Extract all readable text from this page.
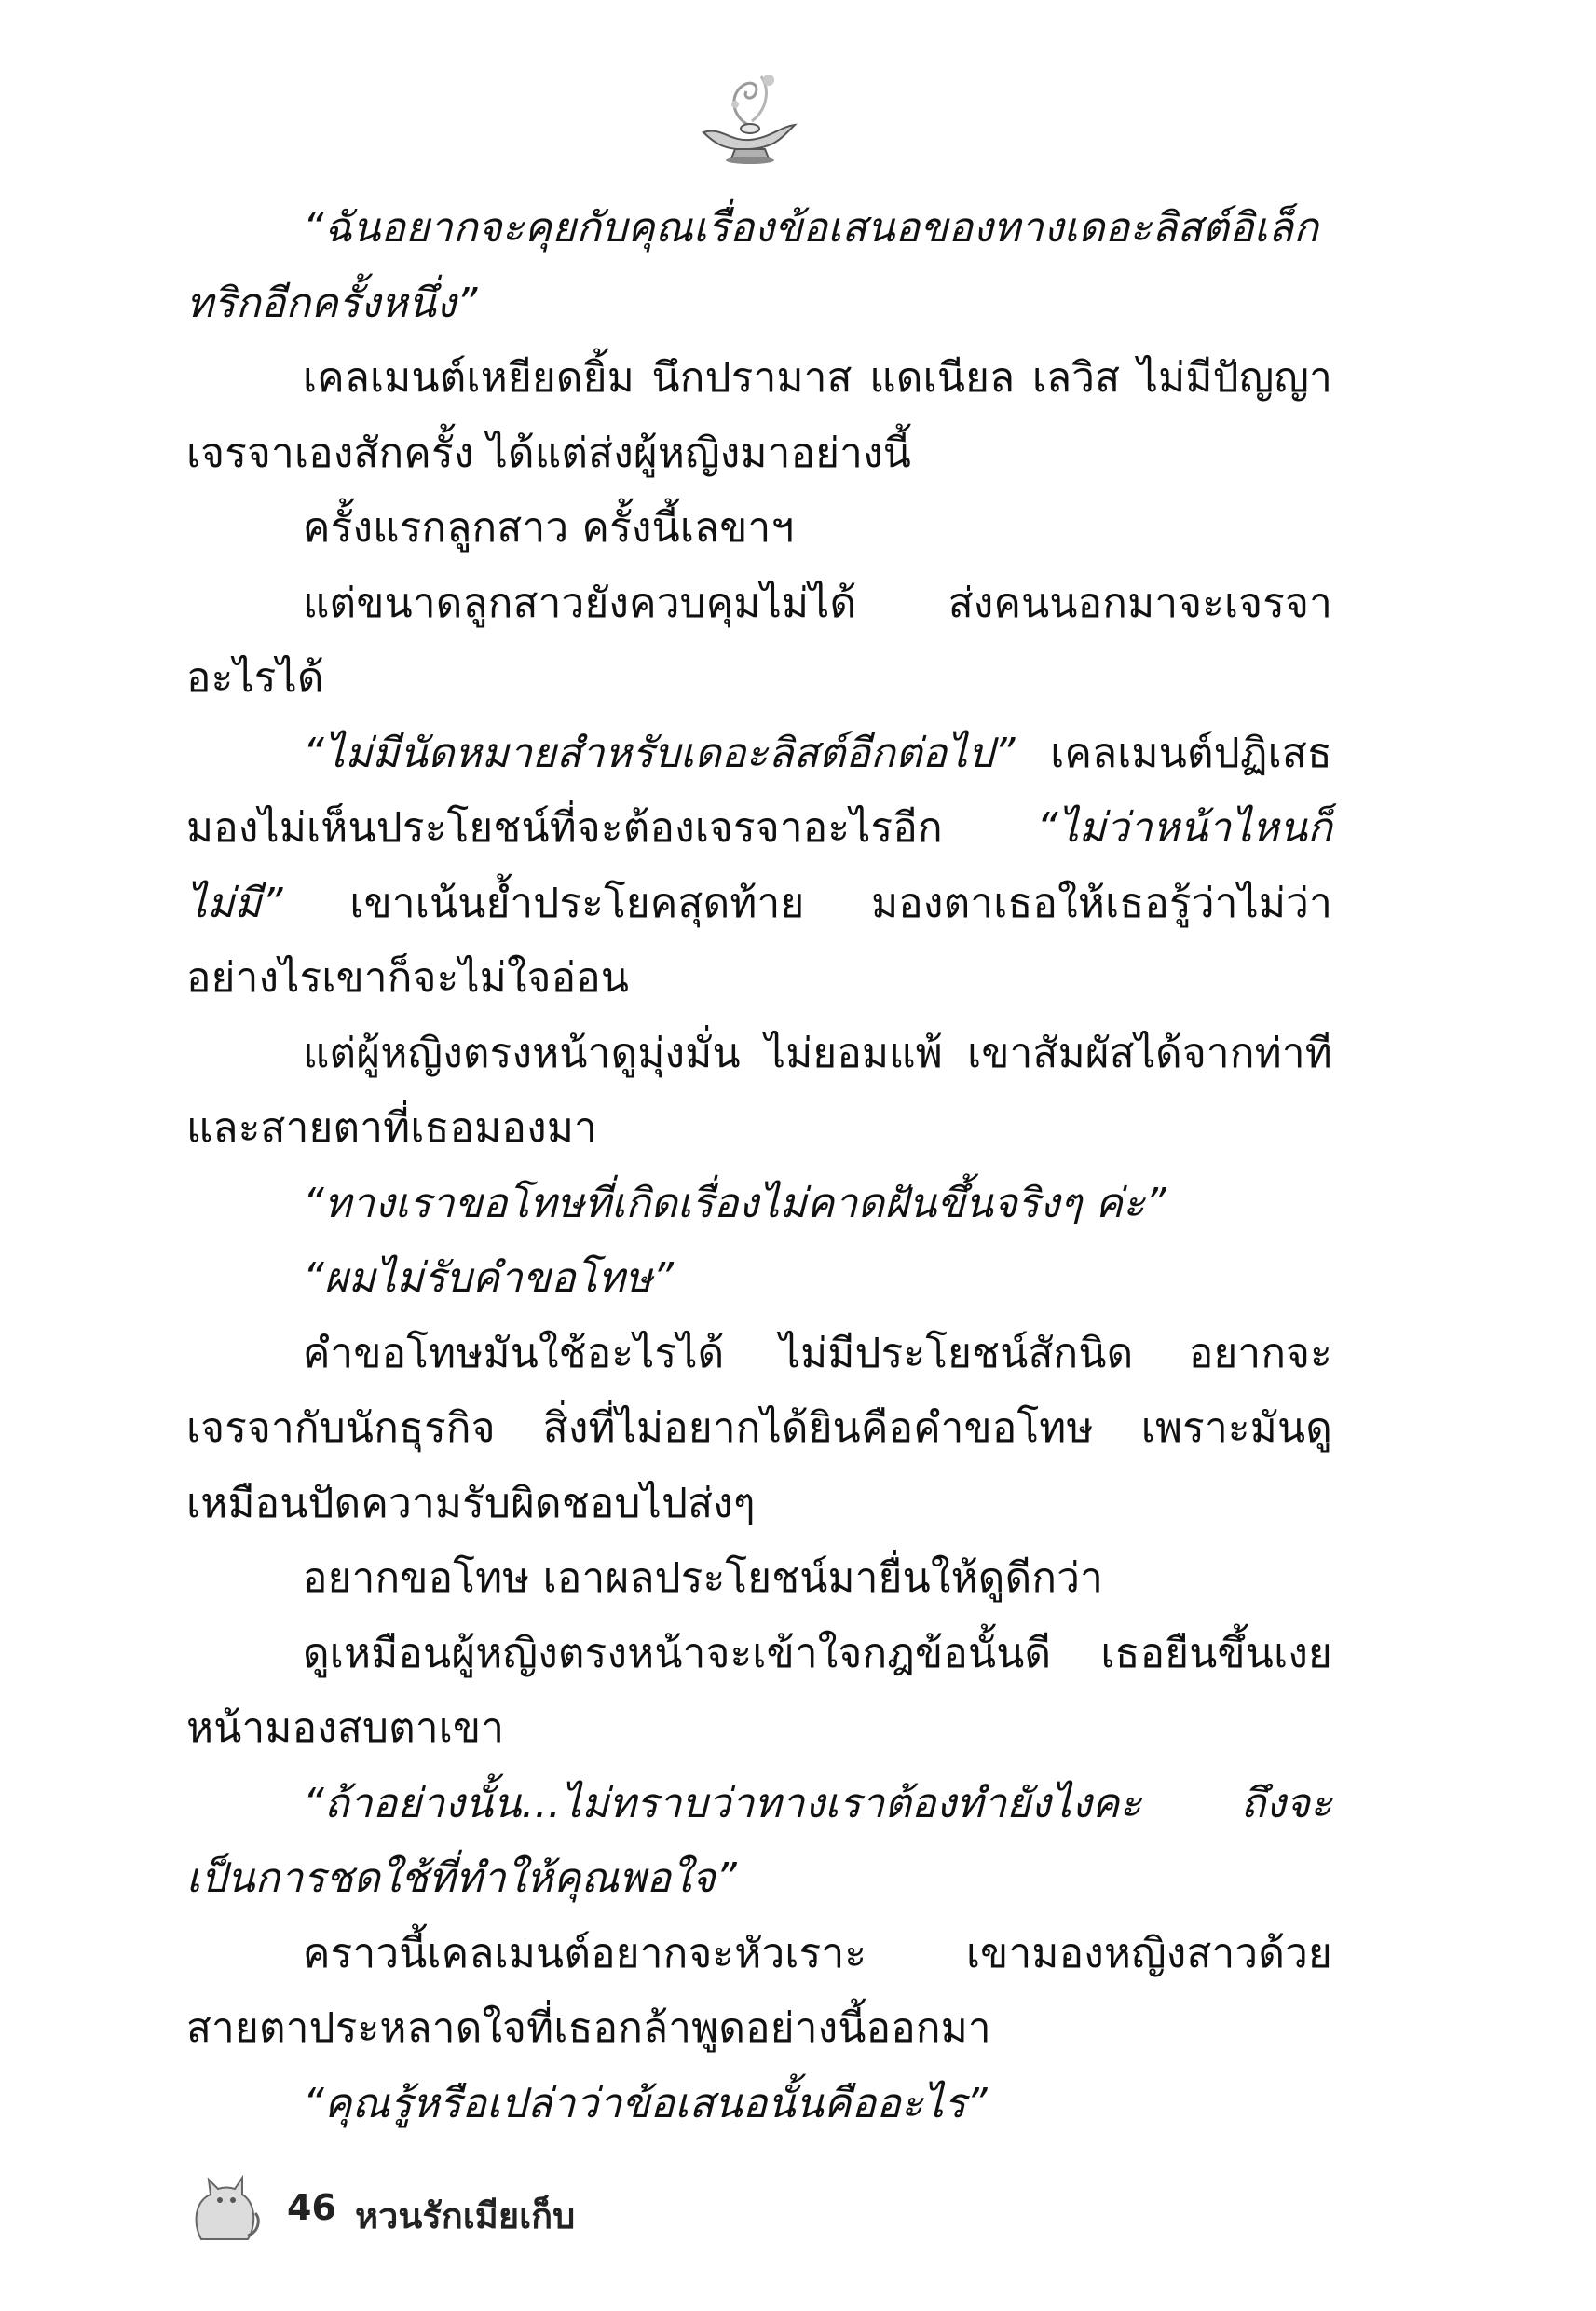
“ฉันอยากจะคุยกับคุณเรื่องข้อเสนอของทางเดอะลิสต์อิเล็กทริกอีกครั้งหนึ่ง”

เคลเมนต์เหยียดยิ้ม นึกปรามาส แดเนียล เลวิส ไม่มีปัญญาเจรจาเองสักครั้ง ได้แต่ส่งผู้หญิงมาอย่างนี้

ครั้งแรกลูกสาว ครั้งนี้เลขาฯ

แต่ขนาดลูกสาวยังควบคุมไม่ได้ ส่งคนนอกมาจะเจรจาอะไรได้

“ไม่มีนัดหมายสำหรับเดอะลิสต์อีกต่อไป” เคลเมนต์ปฏิเสธ มองไม่เห็นประโยชน์ที่จะต้องเจรจาอะไรอีก “ไม่ว่าหน้าไหนก็ไม่มี” เขาเน้นย้ำประโยคสุดท้าย มองตาเธอให้เธอรู้ว่าไม่ว่าอย่างไรเขาก็จะไม่ใจอ่อน

แต่ผู้หญิงตรงหน้าดูมุ่งมั่น ไม่ยอมแพ้ เขาสัมผัสได้จากท่าทีและสายตาที่เธอมองมา

“ทางเราขอโทษที่เกิดเรื่องไม่คาดฝันขึ้นจริงๆ ค่ะ”

“ผมไม่รับคำขอโทษ”

คำขอโทษมันใช้อะไรได้ ไม่มีประโยชน์สักนิด อยากจะเจรจากับนักธุรกิจ สิ่งที่ไม่อยากได้ยินคือคำขอโทษ เพราะมันดูเหมือนปัดความรับผิดชอบไปส่งๆ

อยากขอโทษ เอาผลประโยชน์มายื่นให้ดูดีกว่า

ดูเหมือนผู้หญิงตรงหน้าจะเข้าใจกฎข้อนั้นดี เธอยืนขึ้นเงยหน้ามองสบตาเขา

“ถ้าอย่างนั้น...ไม่ทราบว่าทางเราต้องทำยังไงคะ ถึงจะเป็นการชดใช้ที่ทำให้คุณพอใจ”

คราวนี้เคลเมนต์อยากจะหัวเราะ เขามองหญิงสาวด้วยสายตาประหลาดใจที่เธอกล้าพูดอย่างนี้ออกมา

“คุณรู้หรือเปล่าว่าข้อเสนอนั้นคืออะไร”

46 หวนรักเมียเก็บ
